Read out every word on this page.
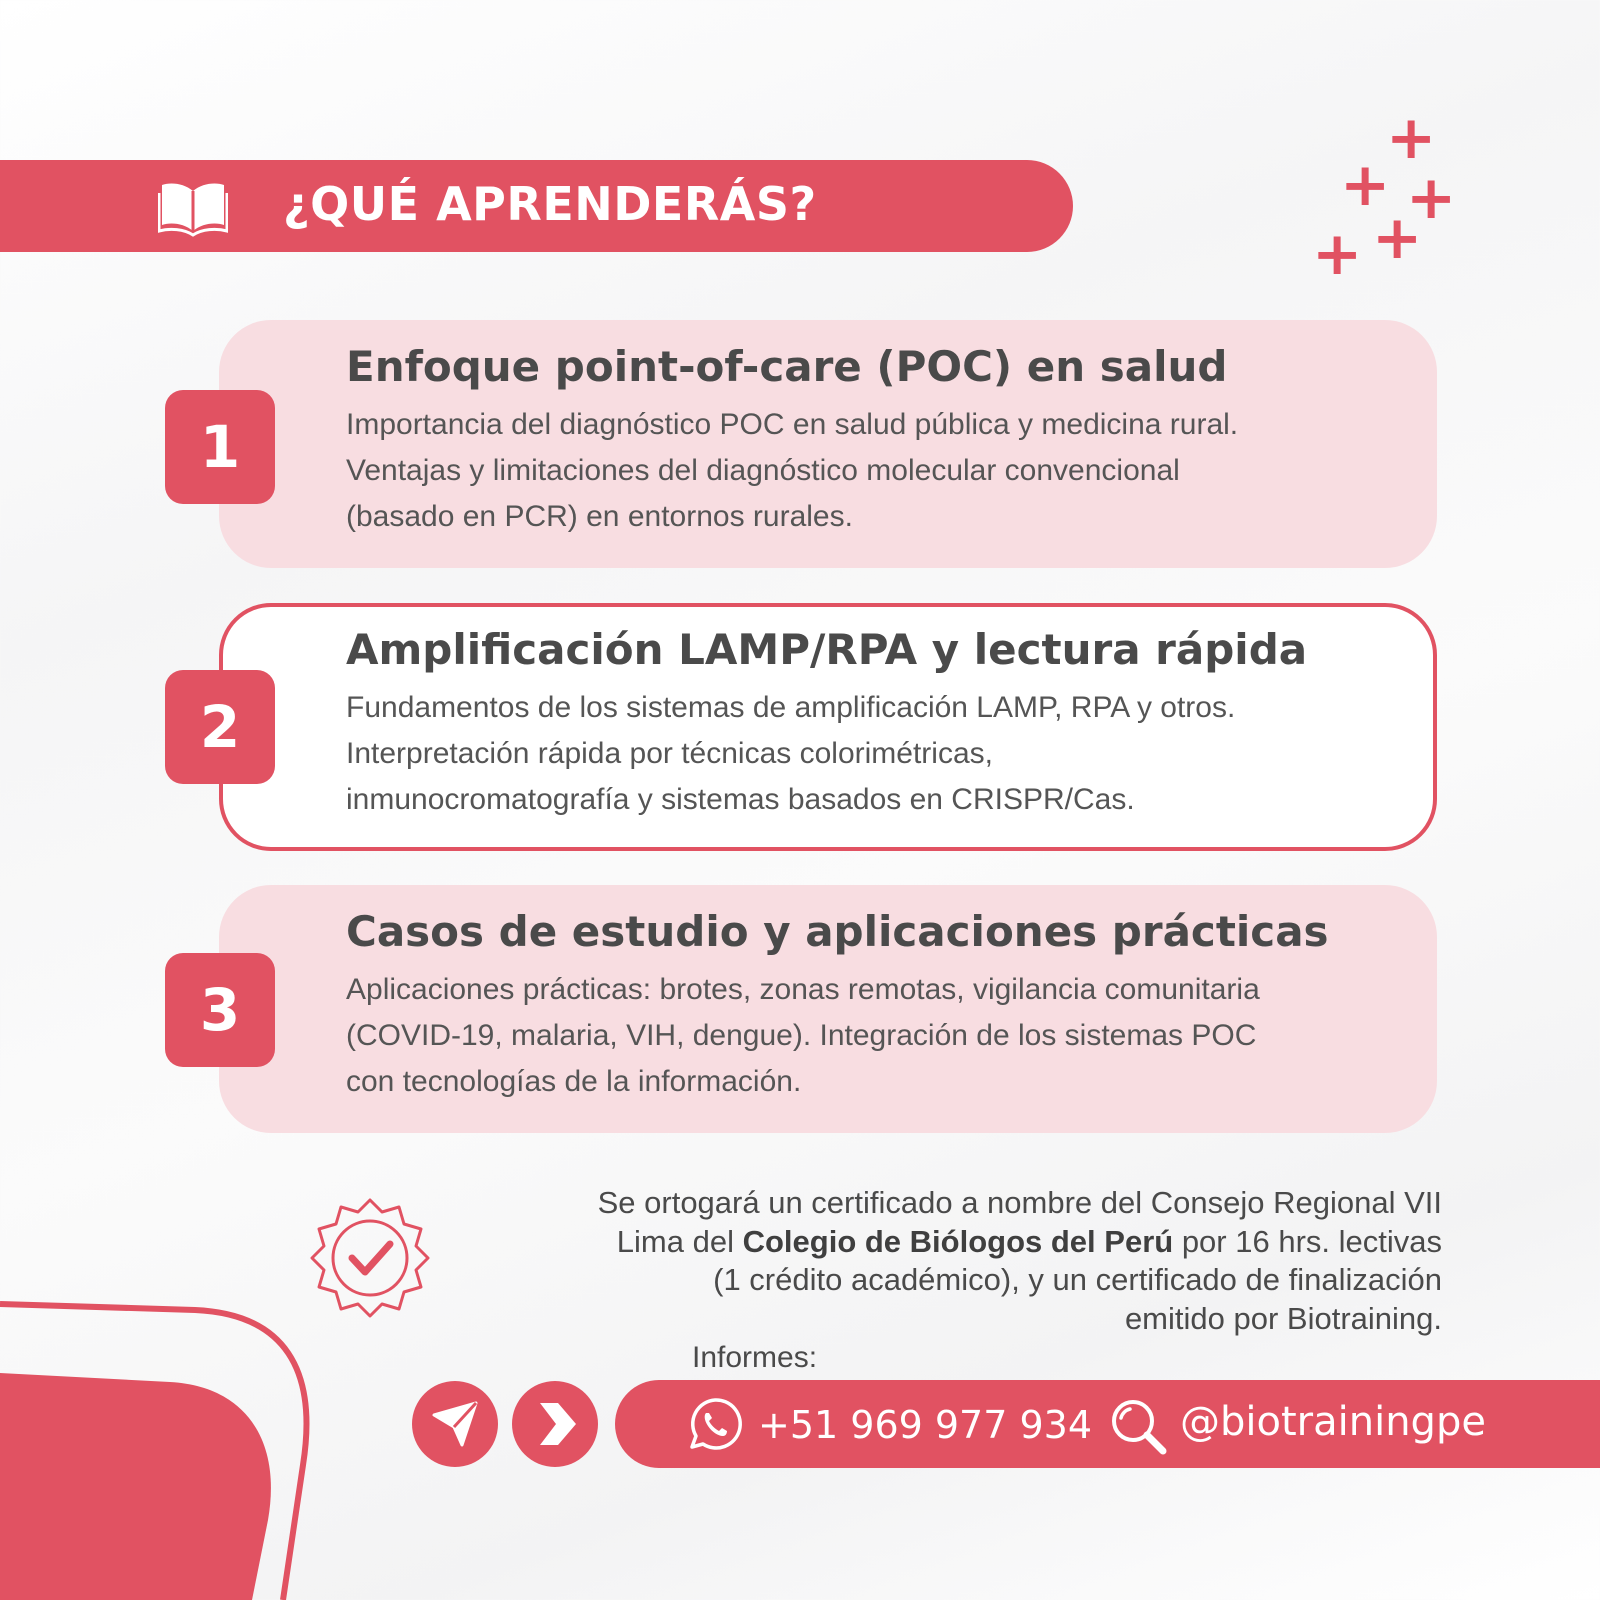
¿QUÉ APRENDERÁS?
+
+ +
+
+
Enfoque point-of-care (POC) en salud
Importancia del diagnóstico POC en salud pública y medicina rural.
Ventajas y limitaciones del diagnóstico molecular convencional
(basado en PCR) en entornos rurales.
1
Amplificación LAMP/RPA y lectura rápida
Fundamentos de los sistemas de amplificación LAMP, RPA y otros.
Interpretación rápida por técnicas colorimétricas,
inmunocromatografía y sistemas basados en CRISPR/Cas.
2
Casos de estudio y aplicaciones prácticas
Aplicaciones prácticas: brotes, zonas remotas, vigilancia comunitaria
(COVID-19, malaria, VIH, dengue). Integración de los sistemas POC
con tecnologías de la información.
3
Se ortogará un certificado a nombre del Consejo Regional VII
Lima del Colegio de Biólogos del Perú por 16 hrs. lectivas
(1 crédito académico), y un certificado de finalización
emitido por Biotraining.
Informes:
+51 969 977 934 @biotrainingpe
